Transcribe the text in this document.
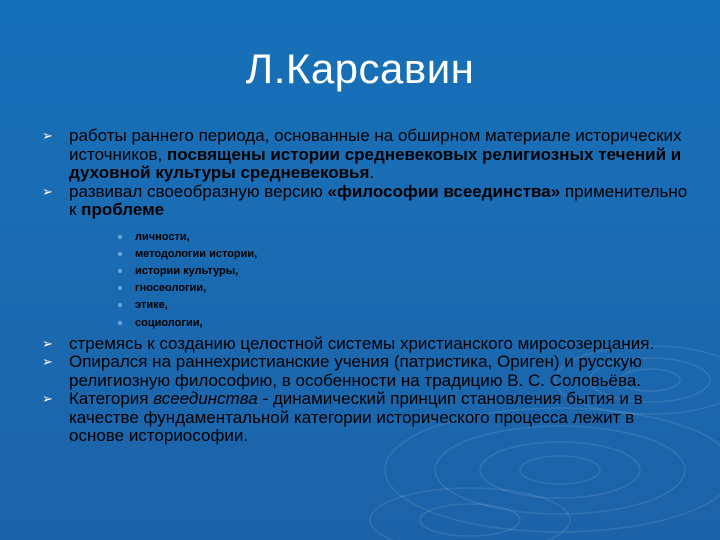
Л.Карсавин
➢ работы раннего периода, основанные на обширном материале исторических источников, посвящены истории средневековых религиозных течений и духовной культуры средневековья.
➢ развивал своеобразную версию «философии всеединства» применительно к проблеме
личности,
методологии истории,
истории культуры,
гносеологии,
этике,
социологии,
➢ стремясь к созданию целостной системы христианского миросозерцания.
➢ Опиралcя на раннехристианские учения (патристика, Ориген) и русскую религиозную философию, в особенности на традицию В. С. Соловьёва.
➢ Категория всеединства - динамический принцип становления бытия и в качестве фундаментальной категории исторического процесса лежит в основе историософии.
